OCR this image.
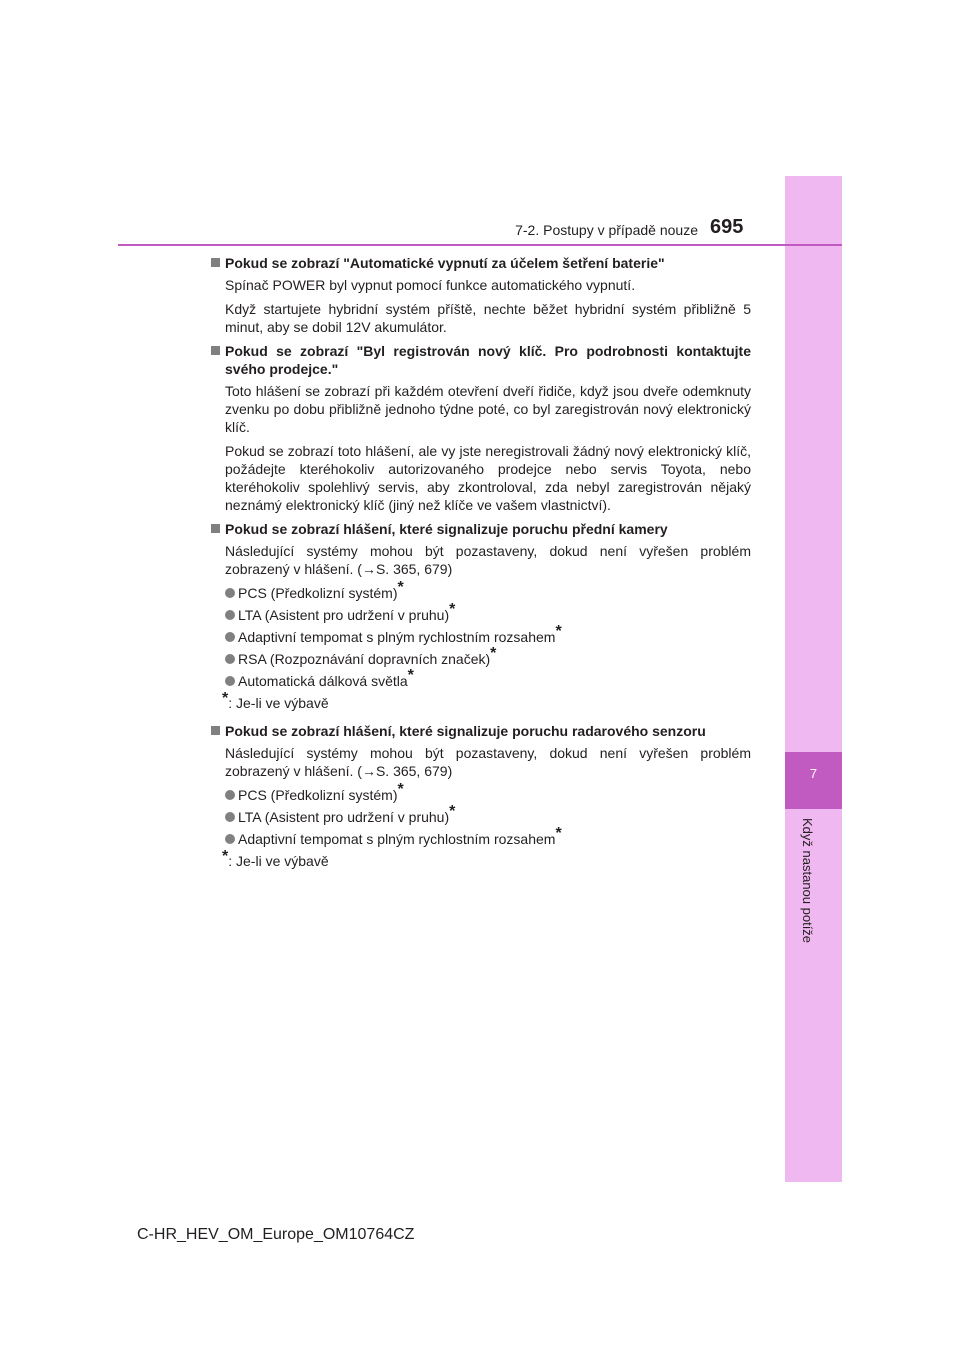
7
Když nastanou potíže
7-2. Postupy v případě nouze 695
Pokud se zobrazí "Automatické vypnutí za účelem šetření baterie"
Spínač POWER byl vypnut pomocí funkce automatického vypnutí.
Když startujete hybridní systém příště, nechte běžet hybridní systém přibližně 5 minut, aby se dobil 12V akumulátor.
Pokud se zobrazí "Byl registrován nový klíč. Pro podrobnosti kontaktujte svého prodejce."
Toto hlášení se zobrazí při každém otevření dveří řidiče, když jsou dveře odemknuty zvenku po dobu přibližně jednoho týdne poté, co byl zaregistrován nový elektronický klíč.
Pokud se zobrazí toto hlášení, ale vy jste neregistrovali žádný nový elektronický klíč, požádejte kteréhokoliv autorizovaného prodejce nebo servis Toyota, nebo kteréhokoliv spolehlivý servis, aby zkontroloval, zda nebyl zaregistrován nějaký neznámý elektronický klíč (jiný než klíče ve vašem vlastnictví).
Pokud se zobrazí hlášení, které signalizuje poruchu přední kamery
Následující systémy mohou být pozastaveny, dokud není vyřešen problém zobrazený v hlášení. (→S. 365, 679)
PCS (Předkolizní systém)*
LTA (Asistent pro udržení v pruhu)*
Adaptivní tempomat s plným rychlostním rozsahem*
RSA (Rozpoznávání dopravních značek)*
Automatická dálková světla*
*: Je-li ve výbavě
Pokud se zobrazí hlášení, které signalizuje poruchu radarového senzoru
Následující systémy mohou být pozastaveny, dokud není vyřešen problém zobrazený v hlášení. (→S. 365, 679)
PCS (Předkolizní systém)*
LTA (Asistent pro udržení v pruhu)*
Adaptivní tempomat s plným rychlostním rozsahem*
*: Je-li ve výbavě
C-HR_HEV_OM_Europe_OM10764CZ
